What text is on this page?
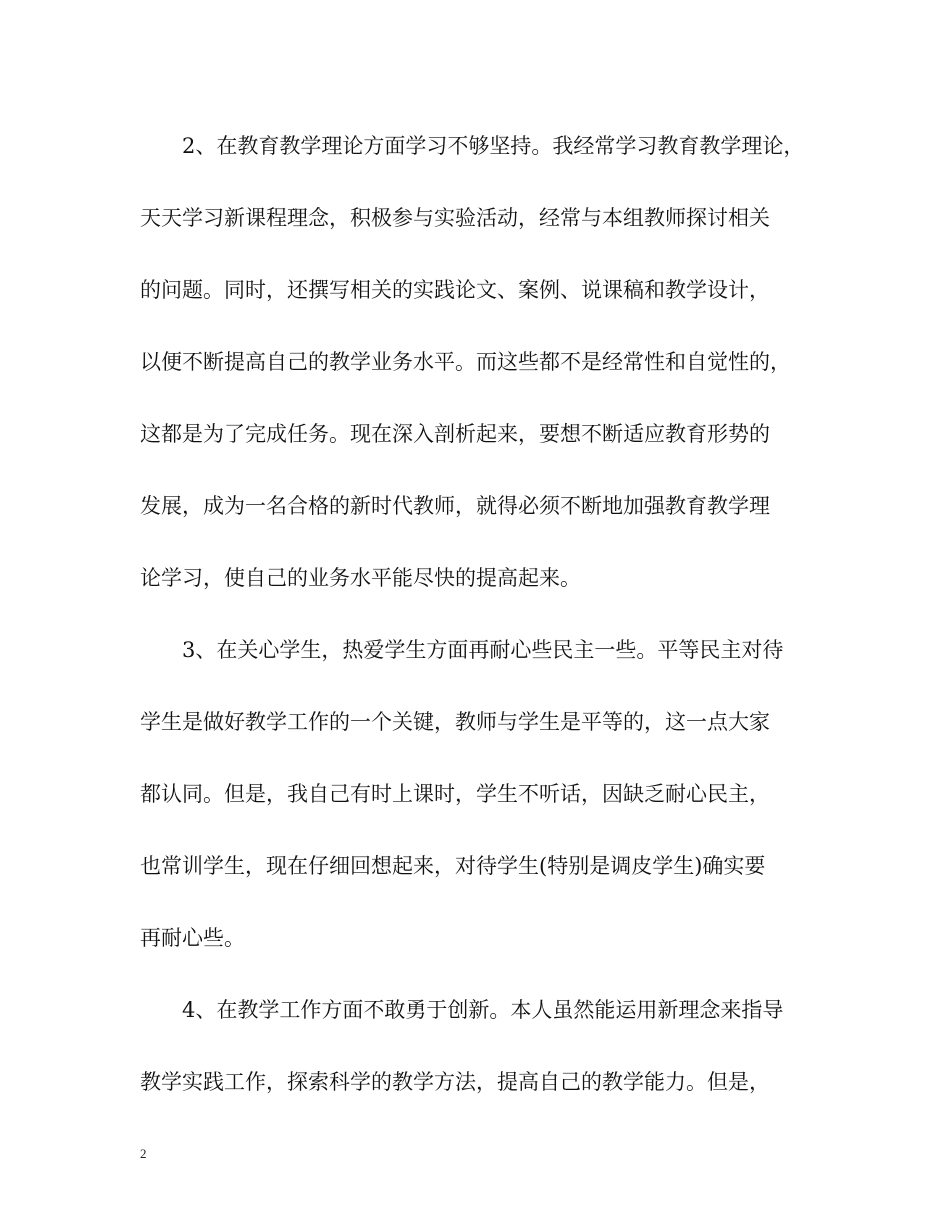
2、在教育教学理论方面学习不够坚持。我经常学习教育教学理论，
天天学习新课程理念，积极参与实验活动，经常与本组教师探讨相关
的问题。同时，还撰写相关的实践论文、案例、说课稿和教学设计，
以便不断提高自己的教学业务水平。而这些都不是经常性和自觉性的，
这都是为了完成任务。现在深入剖析起来，要想不断适应教育形势的
发展，成为一名合格的新时代教师，就得必须不断地加强教育教学理
论学习，使自己的业务水平能尽快的提高起来。
3、在关心学生，热爱学生方面再耐心些民主一些。平等民主对待
学生是做好教学工作的一个关键，教师与学生是平等的，这一点大家
都认同。但是，我自己有时上课时，学生不听话，因缺乏耐心民主，
也常训学生，现在仔细回想起来，对待学生(特别是调皮学生)确实要
再耐心些。
4、在教学工作方面不敢勇于创新。本人虽然能运用新理念来指导
教学实践工作，探索科学的教学方法，提高自己的教学能力。但是，
2
